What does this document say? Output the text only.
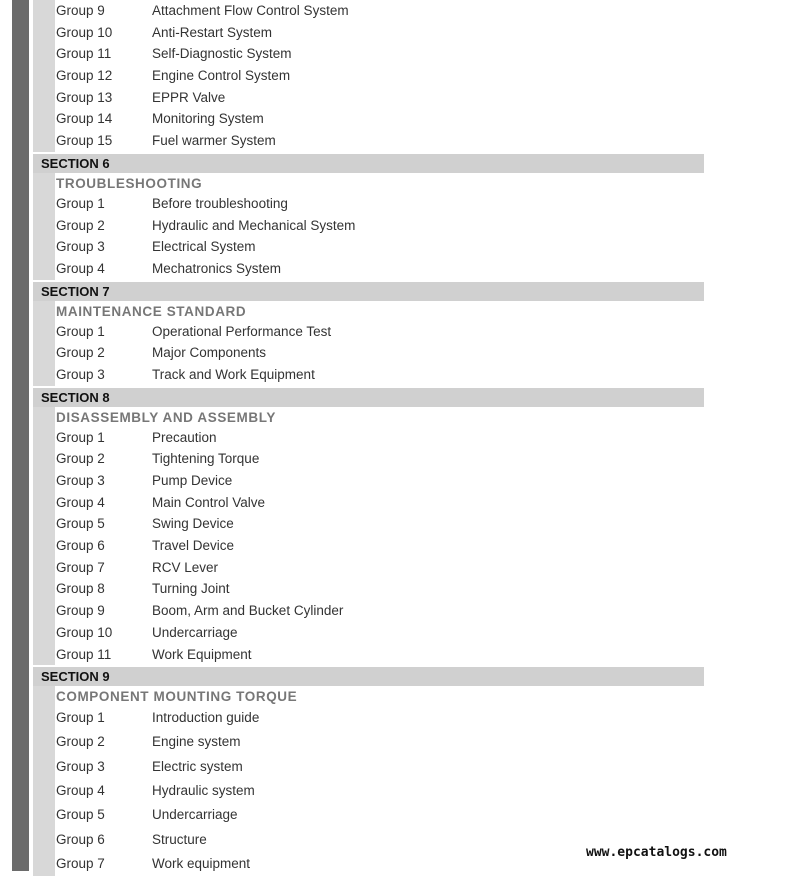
Group 9	Attachment Flow Control System
Group 10	Anti-Restart System
Group 11	Self-Diagnostic System
Group 12	Engine Control System
Group 13	EPPR Valve
Group 14	Monitoring System
Group 15	Fuel warmer System
SECTION 6
TROUBLESHOOTING
Group 1	Before troubleshooting
Group 2	Hydraulic and Mechanical System
Group 3	Electrical System
Group 4	Mechatronics System
SECTION 7
MAINTENANCE STANDARD
Group 1	Operational Performance Test
Group 2	Major Components
Group 3	Track and Work Equipment
SECTION 8
DISASSEMBLY AND ASSEMBLY
Group 1	Precaution
Group 2	Tightening Torque
Group 3	Pump Device
Group 4	Main Control Valve
Group 5	Swing Device
Group 6	Travel Device
Group 7	RCV Lever
Group 8	Turning Joint
Group 9	Boom, Arm and Bucket Cylinder
Group 10	Undercarriage
Group 11	Work Equipment
SECTION 9
COMPONENT MOUNTING TORQUE
Group 1	Introduction guide
Group 2	Engine system
Group 3	Electric system
Group 4	Hydraulic system
Group 5	Undercarriage
Group 6	Structure
Group 7	Work equipment
www.epcatalogs.com
